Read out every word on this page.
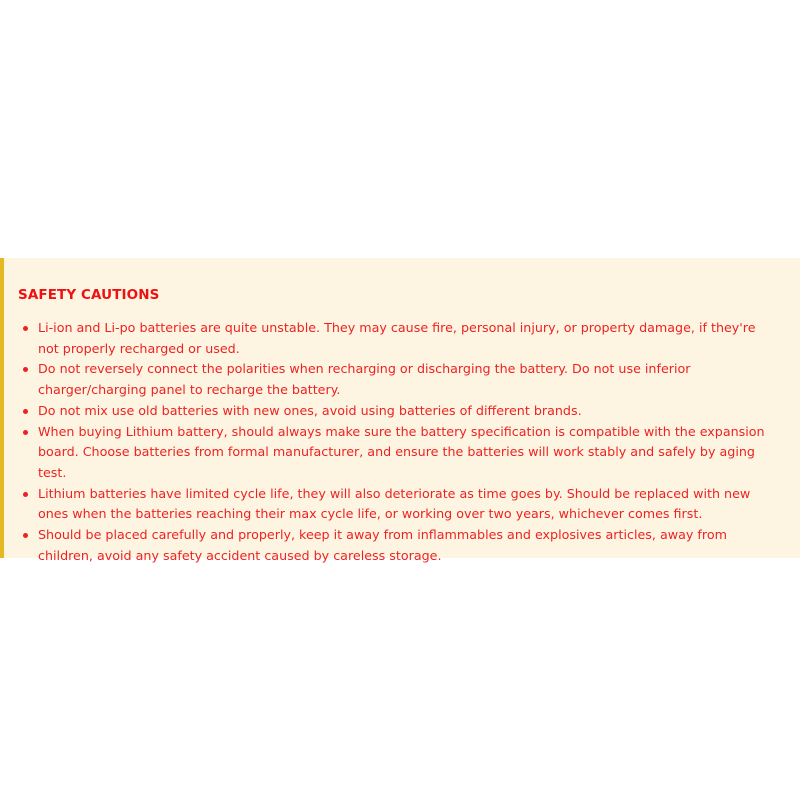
SAFETY CAUTIONS
Li-ion and Li-po batteries are quite unstable. They may cause fire, personal injury, or property damage, if they're not properly recharged or used.
Do not reversely connect the polarities when recharging or discharging the battery. Do not use inferior charger/charging panel to recharge the battery.
Do not mix use old batteries with new ones, avoid using batteries of different brands.
When buying Lithium battery, should always make sure the battery specification is compatible with the expansion board. Choose batteries from formal manufacturer, and ensure the batteries will work stably and safely by aging test.
Lithium batteries have limited cycle life, they will also deteriorate as time goes by. Should be replaced with new ones when the batteries reaching their max cycle life, or working over two years, whichever comes first.
Should be placed carefully and properly, keep it away from inflammables and explosives articles, away from children, avoid any safety accident caused by careless storage.
